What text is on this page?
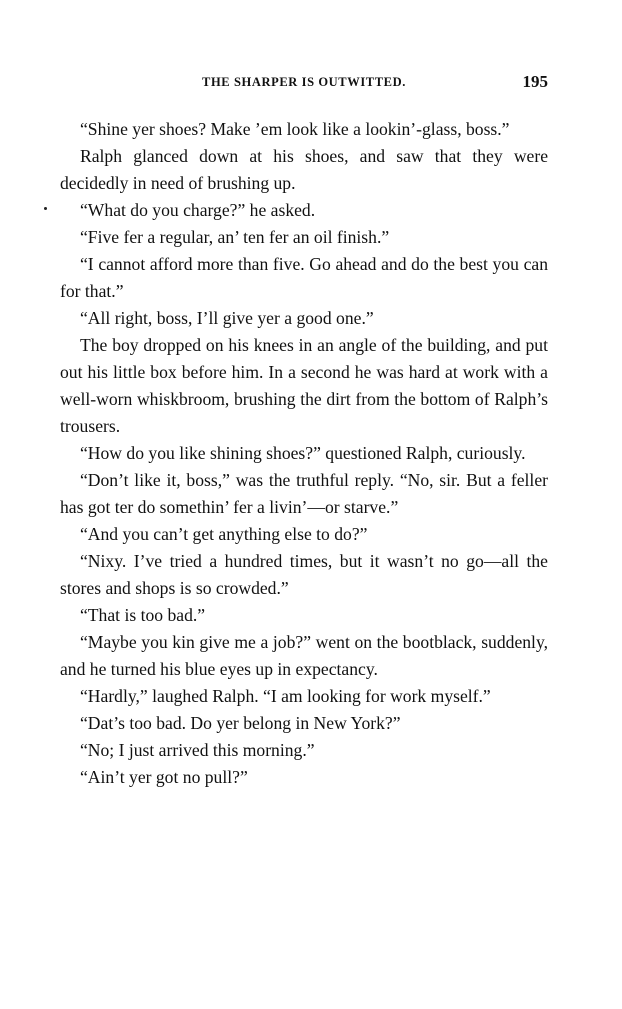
THE SHARPER IS OUTWITTED.	195

“Shine yer shoes? Make ’em look like a lookin’-glass, boss.”

Ralph glanced down at his shoes, and saw that they were decidedly in need of brushing up.

“What do you charge?” he asked.

“Five fer a regular, an’ ten fer an oil finish.”

“I cannot afford more than five. Go ahead and do the best you can for that.”

“All right, boss, I’ll give yer a good one.”

The boy dropped on his knees in an angle of the building, and put out his little box before him. In a second he was hard at work with a well-worn whiskbroom, brushing the dirt from the bottom of Ralph’s trousers.

“How do you like shining shoes?” questioned Ralph, curiously.

“Don’t like it, boss,” was the truthful reply. “No, sir. But a feller has got ter do somethin’ fer a livin’—or starve.”

“And you can’t get anything else to do?”

“Nixy. I’ve tried a hundred times, but it wasn’t no go—all the stores and shops is so crowded.”

“That is too bad.”

“Maybe you kin give me a job?” went on the bootblack, suddenly, and he turned his blue eyes up in expectancy.

“Hardly,” laughed Ralph. “I am looking for work myself.”

“Dat’s too bad. Do yer belong in New York?”

“No; I just arrived this morning.”

“Ain’t yer got no pull?”
